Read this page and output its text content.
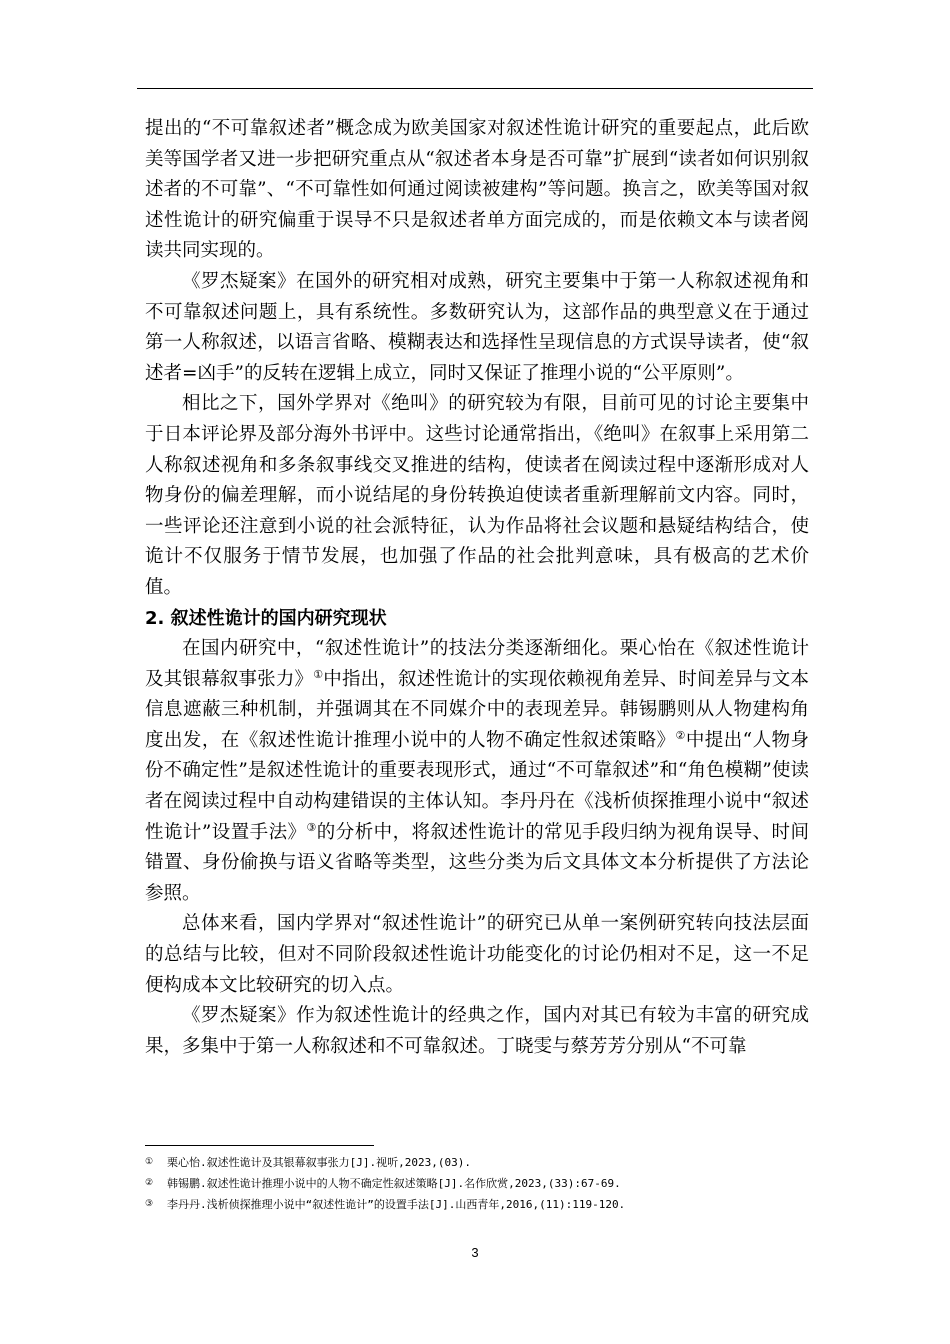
提出的“不可靠叙述者”概念成为欧美国家对叙述性诡计研究的重要起点，此后欧美等国学者又进一步把研究重点从“叙述者本身是否可靠”扩展到“读者如何识别叙述者的不可靠”、“不可靠性如何通过阅读被建构”等问题。换言之，欧美等国对叙述性诡计的研究偏重于误导不只是叙述者单方面完成的，而是依赖文本与读者阅读共同实现的。

《罗杰疑案》在国外的研究相对成熟，研究主要集中于第一人称叙述视角和不可靠叙述问题上，具有系统性。多数研究认为，这部作品的典型意义在于通过第一人称叙述，以语言省略、模糊表达和选择性呈现信息的方式误导读者，使“叙述者=凶手”的反转在逻辑上成立，同时又保证了推理小说的“公平原则”。

相比之下，国外学界对《绝叫》的研究较为有限，目前可见的讨论主要集中于日本评论界及部分海外书评中。这些讨论通常指出，《绝叫》在叙事上采用第二人称叙述视角和多条叙事线交叉推进的结构，使读者在阅读过程中逐渐形成对人物身份的偏差理解，而小说结尾的身份转换迫使读者重新理解前文内容。同时，一些评论还注意到小说的社会派特征，认为作品将社会议题和悬疑结构结合，使诡计不仅服务于情节发展，也加强了作品的社会批判意味，具有极高的艺术价值。

2. 叙述性诡计的国内研究现状

在国内研究中，“叙述性诡计”的技法分类逐渐细化。栗心怡在《叙述性诡计及其银幕叙事张力》①中指出，叙述性诡计的实现依赖视角差异、时间差异与文本信息遮蔽三种机制，并强调其在不同媒介中的表现差异。韩锡鹏则从人物建构角度出发，在《叙述性诡计推理小说中的人物不确定性叙述策略》②中提出“人物身份不确定性”是叙述性诡计的重要表现形式，通过“不可靠叙述”和“角色模糊”使读者在阅读过程中自动构建错误的主体认知。李丹丹在《浅析侦探推理小说中“叙述性诡计”设置手法》③的分析中，将叙述性诡计的常见手段归纳为视角误导、时间错置、身份偷换与语义省略等类型，这些分类为后文具体文本分析提供了方法论参照。

总体来看，国内学界对“叙述性诡计”的研究已从单一案例研究转向技法层面的总结与比较，但对不同阶段叙述性诡计功能变化的讨论仍相对不足，这一不足便构成本文比较研究的切入点。

《罗杰疑案》作为叙述性诡计的经典之作，国内对其已有较为丰富的研究成果，多集中于第一人称叙述和不可靠叙述。丁晓雯与蔡芳芳分别从“不可靠

① 栗心怡.叙述性诡计及其银幕叙事张力[J].视听,2023,(03).
② 韩锡鹏.叙述性诡计推理小说中的人物不确定性叙述策略[J].名作欣赏,2023,(33):67-69.
③ 李丹丹.浅析侦探推理小说中“叙述性诡计”的设置手法[J].山西青年,2016,(11):119-120.
3
